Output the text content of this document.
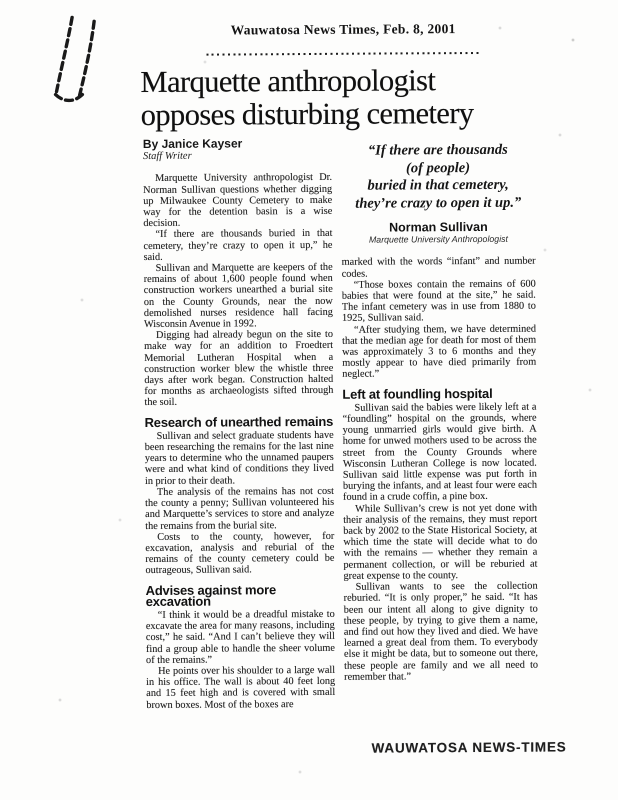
Wauwatosa News Times, Feb. 8, 2001
Marquette anthropologist opposes disturbing cemetery
By Janice Kayser
Staff Writer

Marquette University anthropologist Dr. Norman Sullivan questions whether digging up Milwaukee County Cemetery to make way for the detention basin is a wise decision.

“If there are thousands buried in that cemetery, they’re crazy to open it up,” he said.

Sullivan and Marquette are keepers of the remains of about 1,600 people found when construction workers unearthed a burial site on the County Grounds, near the now demolished nurses residence hall facing Wisconsin Avenue in 1992.

Digging had already begun on the site to make way for an addition to Froedtert Memorial Lutheran Hospital when a construction worker blew the whistle three days after work began. Construction halted for months as archaeologists sifted through the soil.

Research of unearthed remains

Sullivan and select graduate students have been researching the remains for the last nine years to determine who the unnamed paupers were and what kind of conditions they lived in prior to their death.

The analysis of the remains has not cost the county a penny; Sullivan volunteered his and Marquette’s services to store and analyze the remains from the burial site.

Costs to the county, however, for excavation, analysis and reburial of the remains of the county cemetery could be outrageous, Sullivan said.

Advises against more excavation

“I think it would be a dreadful mistake to excavate the area for many reasons, including cost,” he said. “And I can’t believe they will find a group able to handle the sheer volume of the remains.”

He points over his shoulder to a large wall in his office. The wall is about 40 feet long and 15 feet high and is covered with small brown boxes. Most of the boxes are

“If there are thousands
(of people)
buried in that cemetery,
they’re crazy to open it up.”
Norman Sullivan
Marquette University Anthropologist

marked with the words “infant” and number codes.

“Those boxes contain the remains of 600 babies that were found at the site,” he said. The infant cemetery was in use from 1880 to 1925, Sullivan said.

“After studying them, we have determined that the median age for death for most of them was approximately 3 to 6 months and they mostly appear to have died primarily from neglect.”

Left at foundling hospital

Sullivan said the babies were likely left at a “foundling” hospital on the grounds, where young unmarried girls would give birth. A home for unwed mothers used to be across the street from the County Grounds where Wisconsin Lutheran College is now located. Sullivan said little expense was put forth in burying the infants, and at least four were each found in a crude coffin, a pine box.

While Sullivan’s crew is not yet done with their analysis of the remains, they must report back by 2002 to the State Historical Society, at which time the state will decide what to do with the remains — whether they remain a permanent collection, or will be reburied at great expense to the county.

Sullivan wants to see the collection reburied. “It is only proper,” he said. “It has been our intent all along to give dignity to these people, by trying to give them a name, and find out how they lived and died. We have learned a great deal from them. To everybody else it might be data, but to someone out there, these people are family and we all need to remember that.”

WAUWATOSA NEWS-TIMES
